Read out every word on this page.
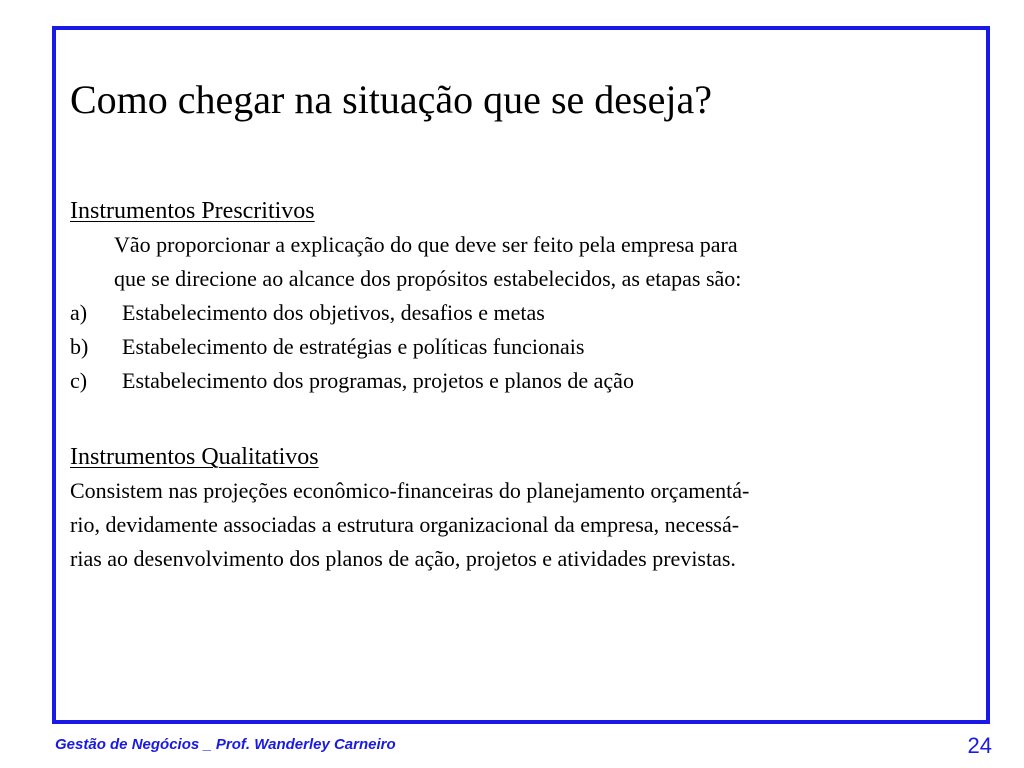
Como chegar na situação que se deseja?
Instrumentos Prescritivos
Vão proporcionar a explicação do que deve ser feito pela empresa para
que se direcione ao alcance dos propósitos estabelecidos, as etapas são:
a)	Estabelecimento dos objetivos, desafios e metas
b)	Estabelecimento de estratégias e políticas funcionais
c)	Estabelecimento dos programas, projetos e planos de ação
Instrumentos Qualitativos
Consistem nas projeções econômico-financeiras do planejamento orçamentá-
rio, devidamente associadas a estrutura organizacional da empresa, necessá-
rias ao desenvolvimento dos planos de ação, projetos e atividades previstas.
Gestão de Negócios _ Prof. Wanderley Carneiro	24
